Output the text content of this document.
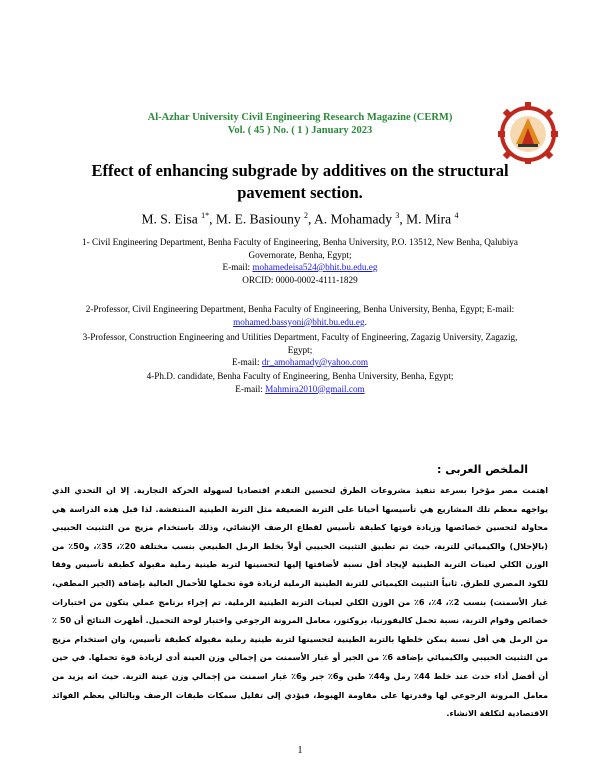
Al-Azhar University Civil Engineering Research Magazine (CERM)
Vol. ( 45 ) No. ( 1 ) January 2023
Effect of enhancing subgrade by additives on the structural pavement section.
M. S. Eisa $^{1*}$, M. E. Basiouny $^2$, A. Mohamady $^3$, M. Mira $^4$
1- Civil Engineering Department, Benha Faculty of Engineering, Benha University, P.O. 13512, New Benha, Qalubiya Governorate, Benha, Egypt;
E-mail: mohamedeisa524@bhit.bu.edu.eg
ORCID: 0000-0002-4111-1829
2-Professor, Civil Engineering Department, Benha Faculty of Engineering, Benha University, Benha, Egypt; E-mail: mohamed.bassyoni@bhit.bu.edu.eg.
3-Professor, Construction Engineering and Utilities Department, Faculty of Engineering, Zagazig University, Zagazig, Egypt;
E-mail: dr_amohamady@yahoo.com
4-Ph.D. candidate, Benha Faculty of Engineering, Benha University, Benha, Egypt;
E-mail: Mahmira2010@gmail.com
الملخص العربى :
اهتمت مصر مؤخرا بسرعة تنفيذ مشروعات الطرق لتحسين التقدم اقتصاديا لسهولة الحركة التجارية. إلا ان التحدي الذي يواجهه معظم تلك المشاريع هي تأسيسها أحيانا على التربة الضعيفة مثل التربة الطينية المنتفشة. لذا قبل هذه الدراسة هي محاولة لتحسين خصائصها وزيادة قوتها كطبقة تأسيس لقطاع الرصف الإنشائي، وذلك باستخدام مزيج من التثبيت الحبيبي (بالإحلال) والكيميائي للتربة، حيث تم تطبيق التثبيت الحبيبي أولاً بخلط الرمل الطبيعي بنسب مختلفة 20٪، 35٪، و50٪ من الوزن الكلي لعينات التربة الطينية لإيجاد أقل نسبة لأضافتها إليها لتحسينها لتربة طينية رملية مقبولة كطبقة تأسيس وفقا للكود المصري للطرق. ثانياً التثبيت الكيميائي للتربة الطينية الرملية لزيادة قوة تحملها للأحمال العالية بإضافة (الجير المطفي، غبار الأسمنت) بنسب 2٪، 4٪، 6٪ من الوزن الكلي لعينات التربة الطينية الرملية. تم إجراء برنامج عملي يتكون من اختبارات خصائص وقوام التربة، نسبة تحمل كاليفورنيا، بروكتور، معامل المرونة الرجوعي واختبار لوحة التحميل. أظهرت النتائج أن 50 ٪ من الرمل هي أقل نسبة يمكن خلطها بالتربة الطينية لتحسينها لتربة طينية رملية مقبولة كطبقة تأسيس، وان استخدام مزيج من التثبيت الحبيبي والكيميائي بإضافة 6٪ من الجير أو غبار الأسمنت من إجمالي وزن العينة أدى لزيادة قوة تحملها. في حين أن أفضل أداء حدث عند خلط 44٪ رمل و44٪ طين و6٪ جير و6٪ غبار اسمنت من إجمالي وزن عينة التربة. حيث انه يزيد من معامل المرونة الرجوعي لها وقدرتها على مقاومة الهبوط، فيؤدي إلى تقليل سمكات طبقات الرصف وبالتالي يعظم الفوائد الاقتصادية لتكلفة الانشاء.
1
